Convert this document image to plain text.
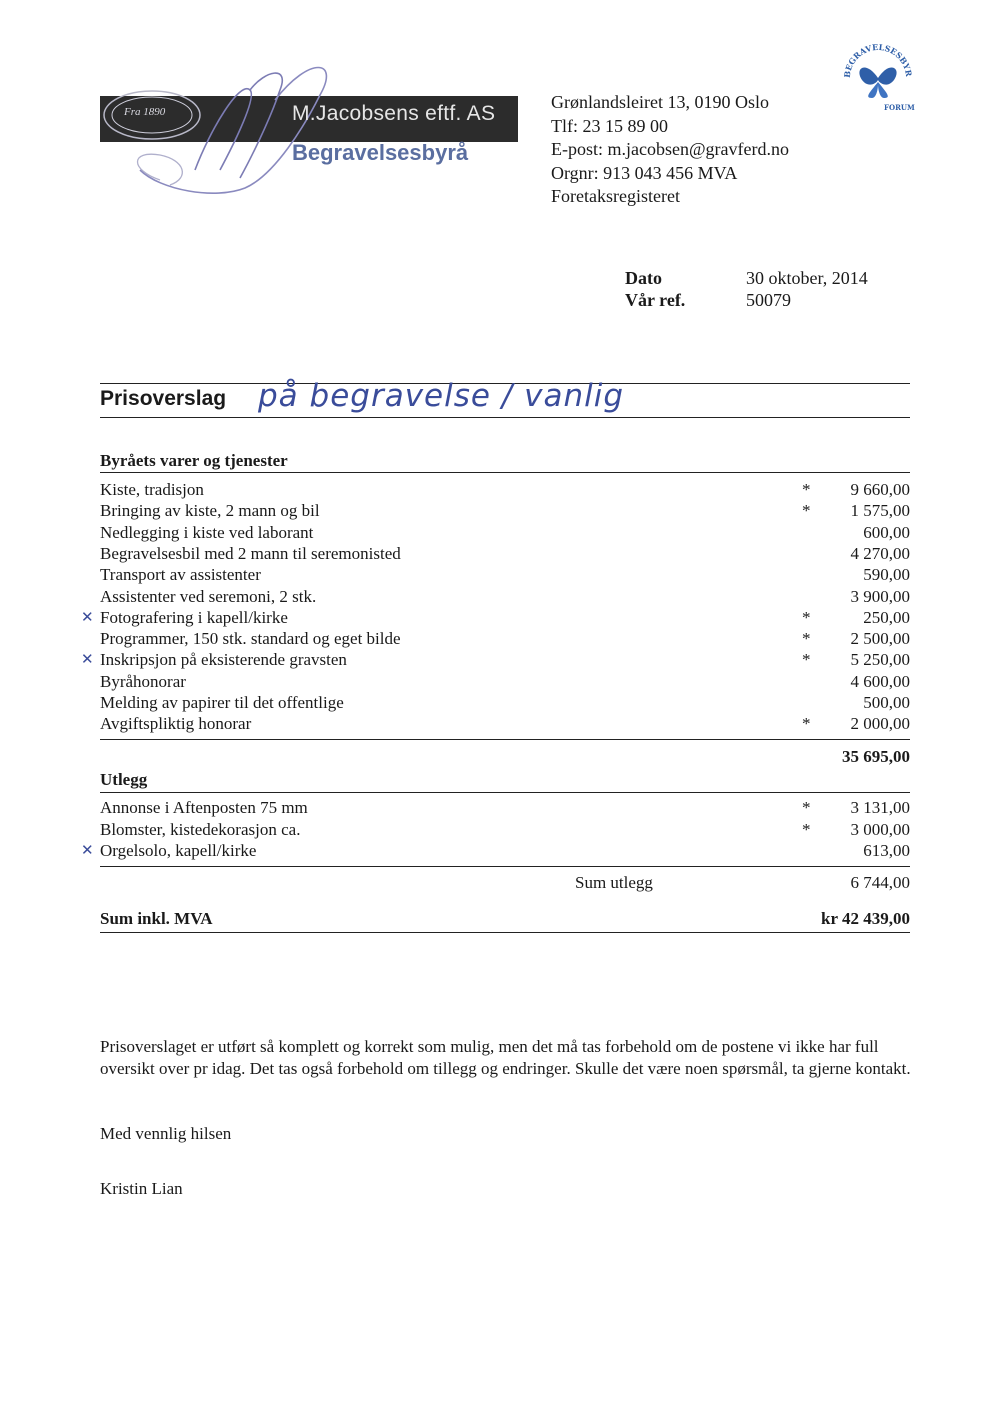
Fra 1890	M.Jacobsens eftf. AS
Begravelsesbyrå
Grønlandsleiret 13, 0190 Oslo
Tlf: 23 15 89 00
E-post: m.jacobsen@gravferd.no
Orgnr: 913 043 456 MVA
Foretaksregisteret
BEGRAVELSESBYR
FORUM
Dato	30 oktober, 2014
Vår ref.	50079
Prisoverslag på begravelse / vanlig
Byråets varer og tjenester
Kiste, tradisjon	* 9 660,00
Bringing av kiste, 2 mann og bil	* 1 575,00
Nedlegging i kiste ved laborant	600,00
Begravelsesbil med 2 mann til seremonisted	4 270,00
Transport av assistenter	590,00
Assistenter ved seremoni, 2 stk.	3 900,00
✕ Fotografering i kapell/kirke	*	250,00
Programmer, 150 stk. standard og eget bilde	* 2 500,00
✕ Inskripsjon på eksisterende gravsten	* 5 250,00
Byråhonorar	4 600,00
Melding av papirer til det offentlige	500,00
Avgiftspliktig honorar	* 2 000,00
35 695,00
Utlegg
Annonse i Aftenposten 75 mm	* 3 131,00
Blomster, kistedekorasjon ca.	* 3 000,00
✕ Orgelsolo, kapell/kirke	613,00
Sum utlegg	6 744,00
Sum inkl. MVA	kr 42 439,00
Prisoverslaget er utført så komplett og korrekt som mulig, men det må tas forbehold om de postene vi ikke har full oversikt over pr idag. Det tas også forbehold om tillegg og endringer. Skulle det være noen spørsmål, ta gjerne kontakt.
Med vennlig hilsen
Kristin Lian
